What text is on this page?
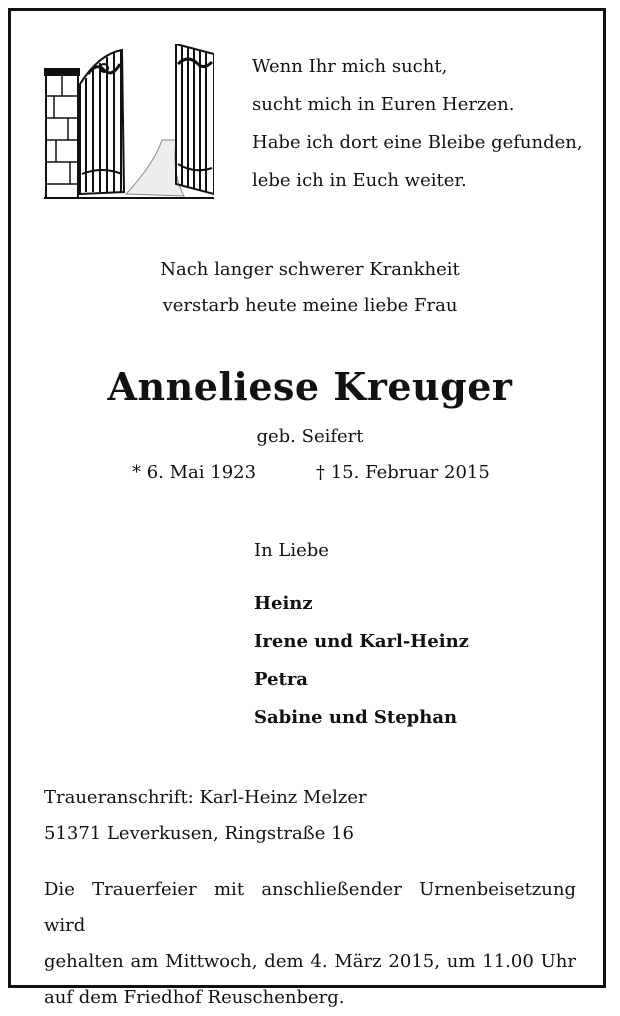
Wenn Ihr mich sucht,
sucht mich in Euren Herzen.
Habe ich dort eine Bleibe gefunden,
lebe ich in Euch weiter.
Nach langer schwerer Krankheit
verstarb heute meine liebe Frau
Anneliese Kreuger
geb. Seifert
* 6. Mai 1923	† 15. Februar 2015
In Liebe
Heinz
Irene und Karl-Heinz
Petra
Sabine und Stephan
Traueranschrift: Karl-Heinz Melzer
51371 Leverkusen, Ringstraße 16
Die Trauerfeier mit anschließender Urnenbeisetzung wird
gehalten am Mittwoch, dem 4. März 2015, um 11.00 Uhr
auf dem Friedhof Reuschenberg.
